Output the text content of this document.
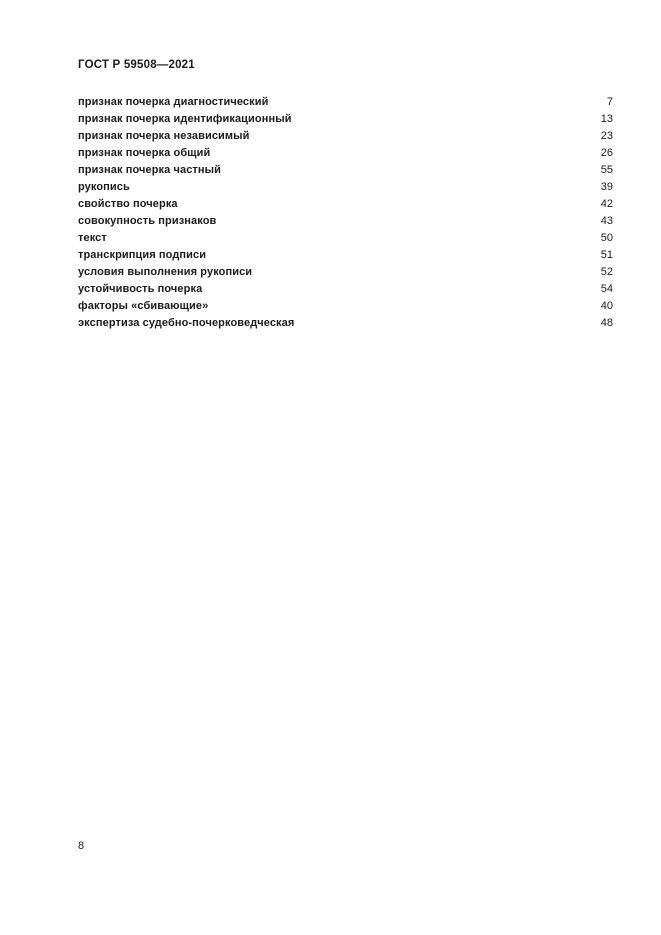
ГОСТ Р 59508—2021
признак почерка диагностический	7
признак почерка идентификационный	13
признак почерка независимый	23
признак почерка общий	26
признак почерка частный	55
рукопись	39
свойство почерка	42
совокупность признаков	43
текст	50
транскрипция подписи	51
условия выполнения рукописи	52
устойчивость почерка	54
факторы «сбивающие»	40
экспертиза судебно-почерковедческая	48
8
